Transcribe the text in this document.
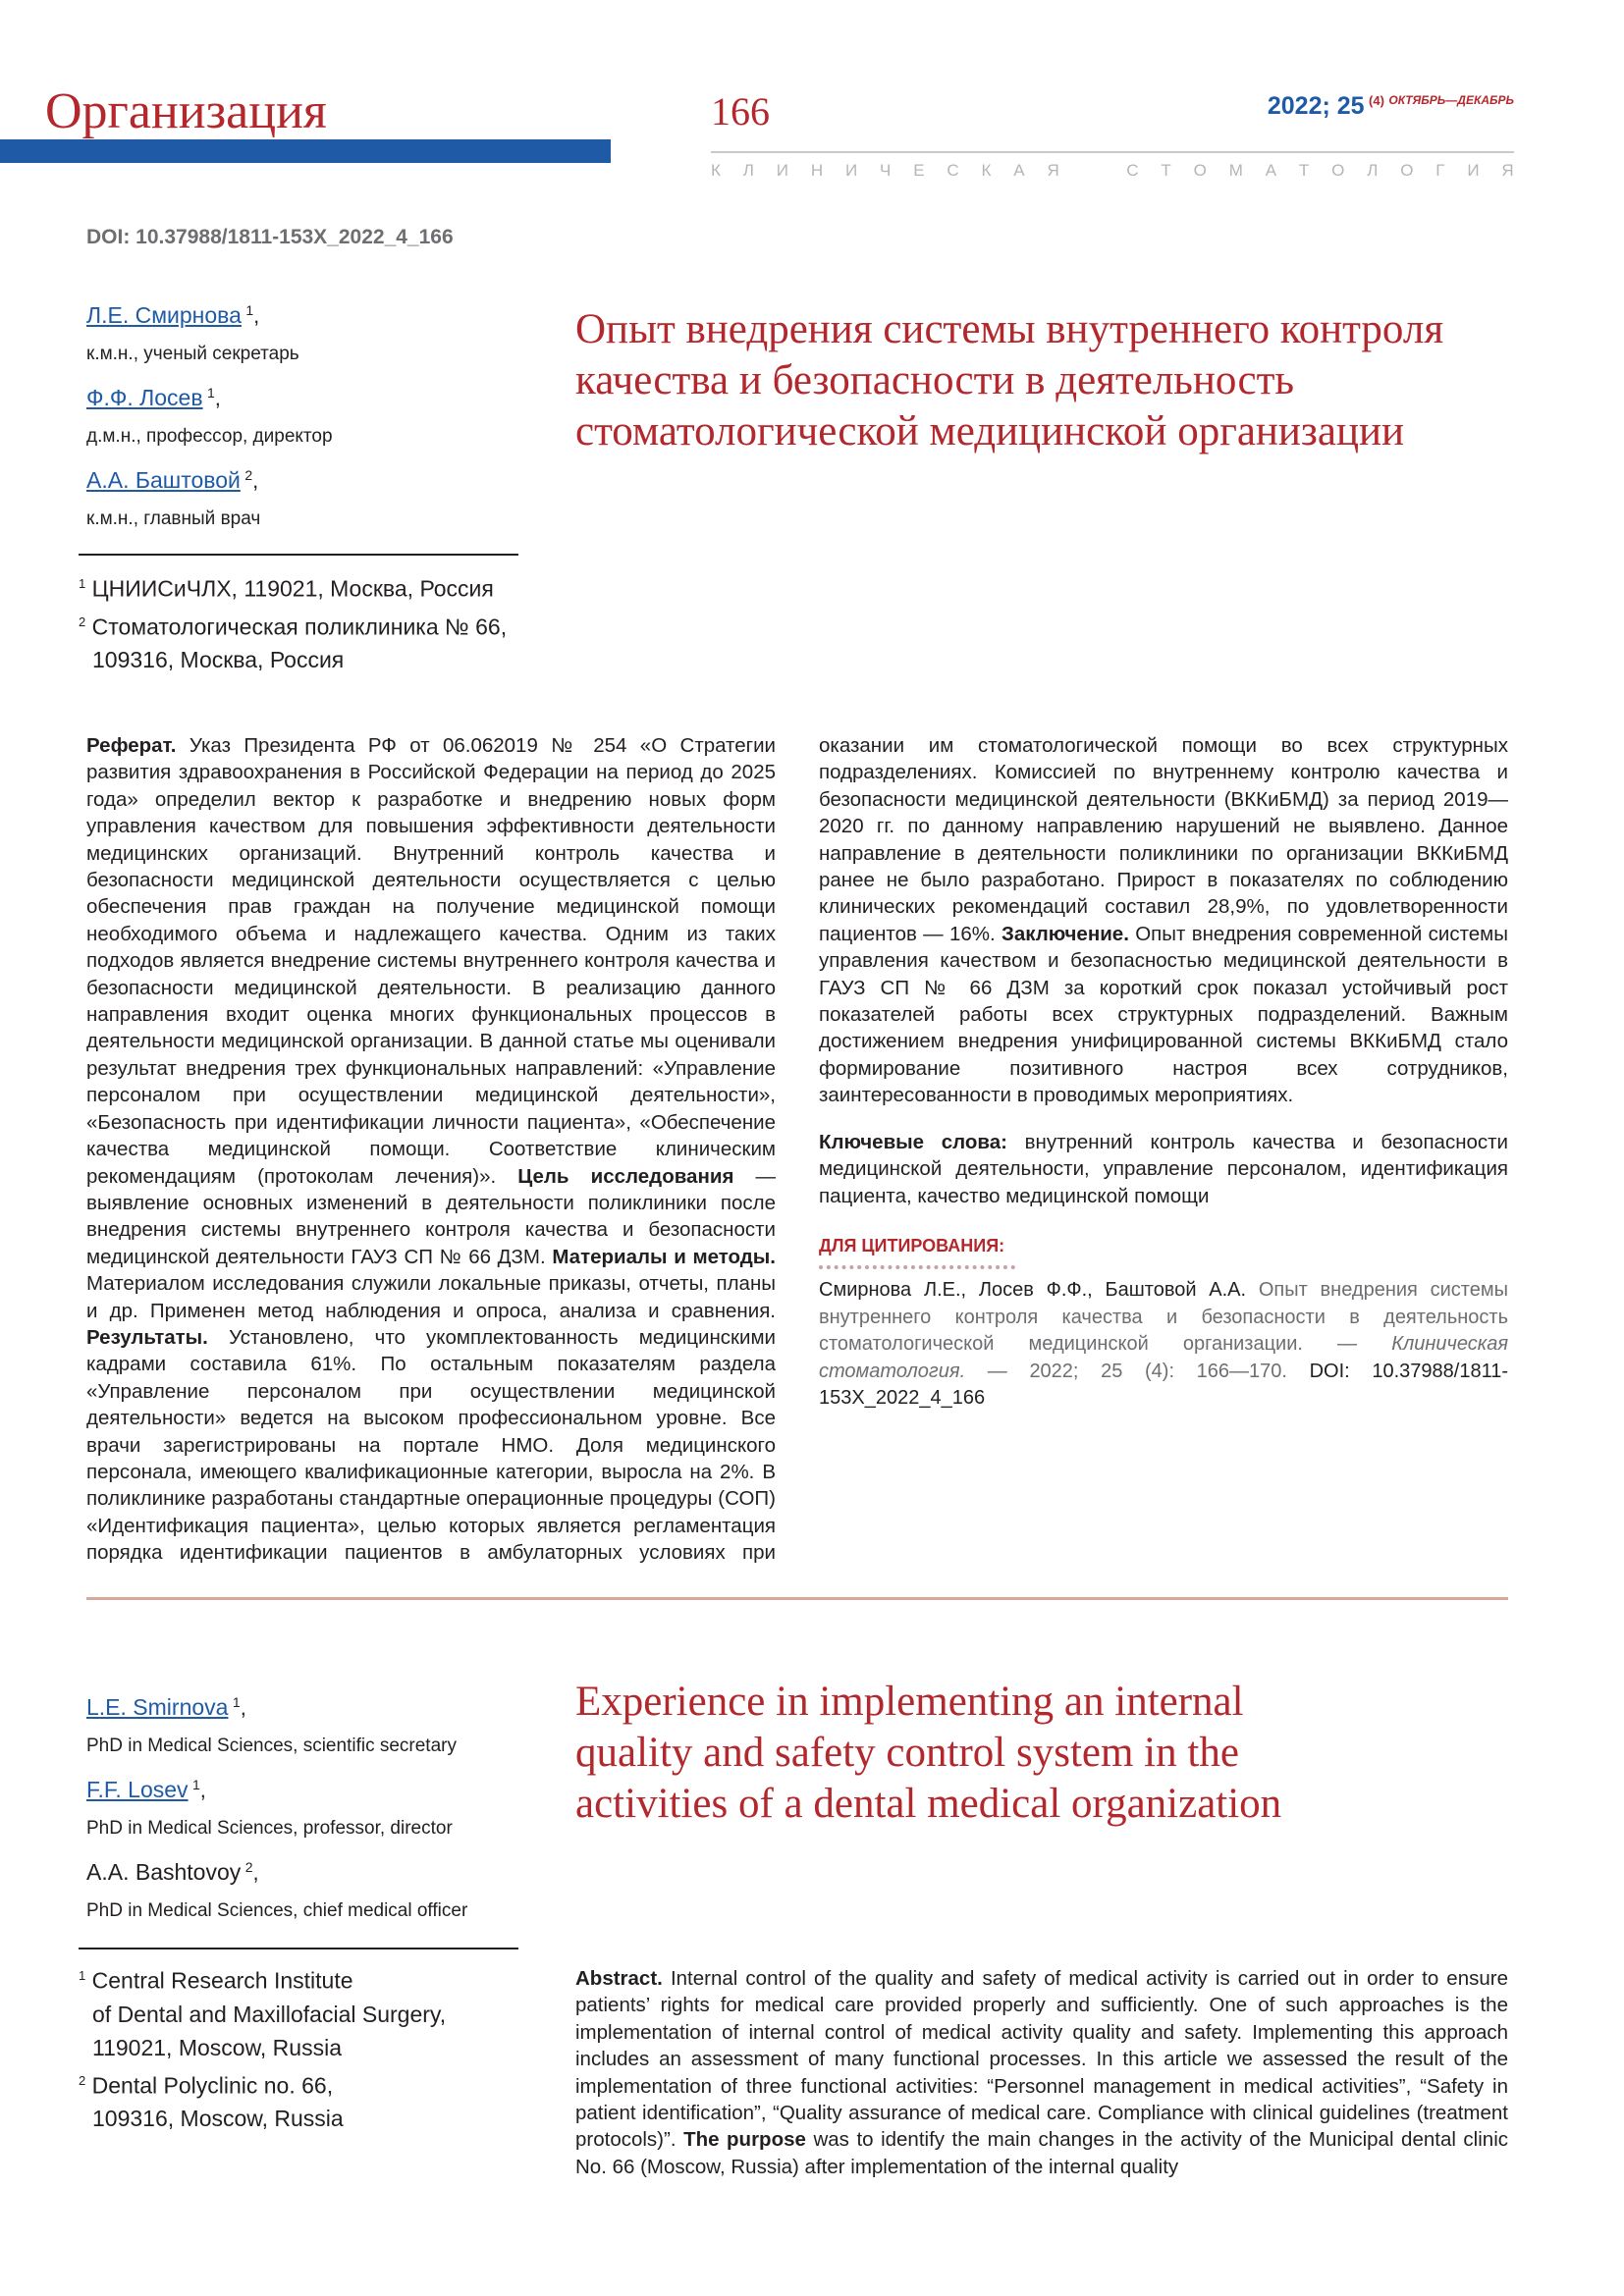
Организация	166	2022; 25 $^{(4)}$ $^{ОКТЯБРЬ—ДЕКАБРЬ}$
К Л И Н И Ч Е С К А Я	С Т О М А Т О Л О Г И Я
DOI: 10.37988/1811-153X_2022_4_166
Л.Е. Смирнова 1,
к.м.н., ученый секретарь
Ф.Ф. Лосев 1,
д.м.н., профессор, директор
А.А. Баштовой 2,
к.м.н., главный врач
$^1$ ЦНИИСиЧЛХ, 119021, Москва, Россия
$^2$ Стоматологическая поликлиника № 66,
109316, Москва, Россия
Опыт внедрения системы внутреннего контроля качества и безопасности в деятельность стоматологической медицинской организации
Реферат. Указ Президента РФ от 06.062019 № 254 «О Стратегии развития здравоохранения в Российской Федерации на период до 2025 года» определил вектор к разработке и внедрению новых форм управления качеством для повышения эффективности деятельности медицинских организаций. Внутренний контроль качества и безопасности медицинской деятельности осуществляется с целью обеспечения прав граждан на получение медицинской помощи необходимого объема и надлежащего качества. Одним из таких подходов является внедрение системы внутреннего контроля качества и безопасности медицинской деятельности. В реализацию данного направления входит оценка многих функциональных процессов в деятельности медицинской организации. В данной статье мы оценивали результат внедрения трех функциональных направлений: «Управление персоналом при осуществлении медицинской деятельности», «Безопасность при идентификации личности пациента», «Обеспечение качества медицинской помощи. Соответствие клиническим рекомендациям (протоколам лечения)». Цель исследования — выявление основных изменений в деятельности поликлиники после внедрения системы внутреннего контроля качества и безопасности медицинской деятельности ГАУЗ СП № 66 ДЗМ. Материалы и методы. Материалом исследования служили локальные приказы, отчеты, планы и др. Применен метод наблюдения и опроса, анализа и сравнения. Результаты. Установлено, что укомплектованность медицинскими кадрами составила 61%. По остальным показателям раздела «Управление персоналом при осуществлении медицинской деятельности» ведется на высоком профессиональном уровне. Все врачи зарегистрированы на портале НМО. Доля медицинского персонала, имеющего квалификационные категории, выросла на 2%. В поликлинике разработаны стандартные операционные процедуры (СОП) «Идентификация пациента», целью которых является регламентация порядка идентификации пациентов в амбулаторных условиях при оказании им стоматологической помощи во всех структурных подразделениях. Комиссией по внутреннему контролю качества и безопасности медицинской деятельности (ВККиБМД) за период 2019—2020 гг. по данному направлению нарушений не выявлено. Данное направление в деятельности поликлиники по организации ВККиБМД ранее не было разработано. Прирост в показателях по соблюдению клинических рекомендаций составил 28,9%, по удовлетворенности пациентов — 16%. Заключение. Опыт внедрения современной системы управления качеством и безопасностью медицинской деятельности в ГАУЗ СП № 66 ДЗМ за короткий срок показал устойчивый рост показателей работы всех структурных подразделений. Важным достижением внедрения унифицированной системы ВККиБМД стало формирование позитивного настроя всех сотрудников, заинтересованности в проводимых мероприятиях.
Ключевые слова: внутренний контроль качества и безопасности медицинской деятельности, управление персоналом, идентификация пациента, качество медицинской помощи
ДЛЯ ЦИТИРОВАНИЯ:
Смирнова Л.Е., Лосев Ф.Ф., Баштовой А.А. Опыт внедрения системы внутреннего контроля качества и безопасности в деятельность стоматологической медицинской организации. — Клиническая стоматология. — 2022; 25 (4): 166—170. DOI: 10.37988/1811-153X_2022_4_166
L.E. Smirnova 1,
PhD in Medical Sciences, scientific secretary
F.F. Losev 1,
PhD in Medical Sciences, professor, director
A.A. Bashtovoy 2,
PhD in Medical Sciences, chief medical officer
$^1$ Central Research Institute
of Dental and Maxillofacial Surgery,
119021, Moscow, Russia
$^2$ Dental Polyclinic no. 66,
109316, Moscow, Russia
Experience in implementing an internal quality and safety control system in the activities of a dental medical organization
Abstract. Internal control of the quality and safety of medical activity is carried out in order to ensure patients’ rights for medical care provided properly and sufficiently. One of such approaches is the implementation of internal control of medical activity quality and safety. Implementing this approach includes an assessment of many functional processes. In this article we assessed the result of the implementation of three functional activities: “Personnel management in medical activities”, “Safety in patient identification”, “Quality assurance of medical care. Compliance with clinical guidelines (treatment protocols)”. The purpose was to identify the main changes in the activity of the Municipal dental clinic No. 66 (Moscow, Russia) after implementation of the internal quality
